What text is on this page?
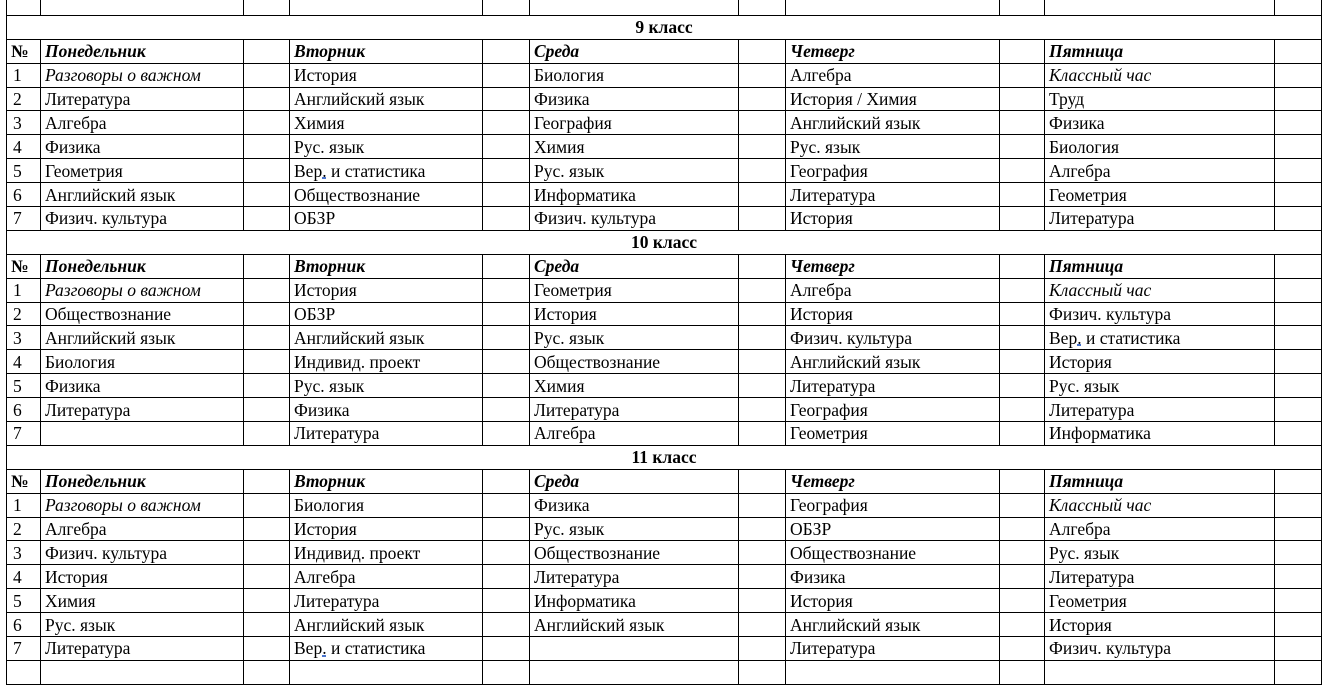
9 класс										
№	Понедельник		Вторник		Среда		Четверг		Пятница	
1	Разговоры о важном		История		Биология		Алгебра		Классный час	
2	Литература		Английский язык		Физика		История / Химия		Труд	
3	Алгебра		Химия		География		Английский язык		Физика	
4	Физика		Рус. язык		Химия		Рус. язык		Биология	
5	Геометрия		Вер. и статистика		Рус. язык		География		Алгебра	
6	Английский язык		Обществознание		Информатика		Литература		Геометрия	
7	Физич. культура		ОБЗР		Физич. культура		История		Литература	
10 класс										
№	Понедельник		Вторник		Среда		Четверг		Пятница	
1	Разговоры о важном		История		Геометрия		Алгебра		Классный час	
2	Обществознание		ОБЗР		История		История		Физич. культура	
3	Английский язык		Английский язык		Рус. язык		Физич. культура		Вер. и статистика	
4	Биология		Индивид. проект		Обществознание		Английский язык		История	
5	Физика		Рус. язык		Химия		Литература		Рус. язык	
6	Литература		Физика		Литература		География		Литература	
7			Литература		Алгебра		Геометрия		Информатика	
11 класс										
№	Понедельник		Вторник		Среда		Четверг		Пятница	
1	Разговоры о важном		Биология		Физика		География		Классный час	
2	Алгебра		История		Рус. язык		ОБЗР		Алгебра	
3	Физич. культура		Индивид. проект		Обществознание		Обществознание		Рус. язык	
4	История		Алгебра		Литература		Физика		Литература	
5	Химия		Литература		Информатика		История		Геометрия	
6	Рус. язык		Английский язык		Английский язык		Английский язык		История	
7	Литература		Вер. и статистика				Литература		Физич. культура	
